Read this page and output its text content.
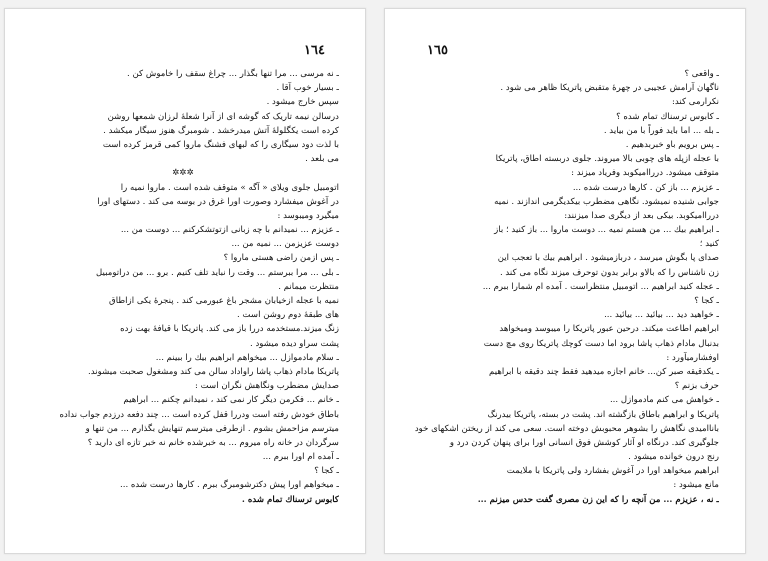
١٦٤
ـ نه مرسی ... مرا تنها بگذار ... چراغ سقف را خاموش کن .
ـ بسیار خوب آقا .
سپس خارج میشود .
درسالن نیمه تاریک که گوشه ای از آنرا شعلهٔ لرزان شمعها روشن
کرده است یکگلولهٔ آتش میدرخشد . شومبرگ هنوز سیگار میکشد .
با لذت دود سیگاری را که لبهای فشنگ ماروا کمی قرمز کرده است
می بلعد .
✲✲✲
اتومبیل جلوی ویلای « آگه » متوقف شده است . ماروا نمیه را
در آغوش میفشارد وصورت اورا غرق در بوسه می کند . دستهای اورا
میگیرد ومیبوسد :
ـ عزیزم ... نمیدانم با چه زبانی ازتوتشکرکنم ... دوست من ...
دوست عزیزمن ... نمیه من ...
ـ پس ازمن راضی هستی ماروا ؟
ـ بلی ... مرا ببرستم ... وقت را نباید تلف کنیم . برو ... من دراتومبیل
منتظرت میمانم .
نمیه با عجله ازخیابان مشجر باغ عبورمی کند . پنجرهٔ یکی ازاطاق
های طبقهٔ دوم روشن است .
زنگ میزند.مستخدمه دررا باز می کند. پاتریکا با قیافهٔ بهت زده
پشت سراو دیده میشود .
ـ سلام مادموازل ... میخواهم ابراهیم بیك را ببینم ...
پاتریکا مادام ذهاب پاشا راواداد سالن می کند ومشغول صحبت میشوند.
صدایش مضطرب ونگاهش نگران است :
ـ خانم ... فکرمن دیگر کار نمی کند ، نمیدانم چکنم ... ابراهیم
باطاق خودش رفته است ودررا قفل کرده است ... چند دفعه درزدم جواب نداده
میترسم مزاحمش بشوم . ازطرفی میترسم تنهایش بگذارم ... من تنها و
سرگردان در خانه راه میروم ... به خبرشده خانم نه خبر تازه ای دارید ؟
ـ آمده ام اورا ببرم ...
ـ کجا ؟
ـ میخواهم اورا پیش دکترشومبرگ ببرم . کارها درست شده ...
کابوس ترسناك تمام شده .
١٦٥
ـ واقعی ؟
ناگهان آرامش عجیبی در چهرهٔ متقبض پاتریکا ظاهر می شود .
نکرارمی کند:
ـ کابوس ترسناك تمام شده ؟
ـ بله ... اما باید فوراً با من بیاید .
ـ پس برویم باو خبربدهیم .
با عجله ازپله های چوبی بالا میروند. جلوی دربسته اطاق، پاتریکا
متوقف میشود. درراامیکوبد وفریاد میزند :
ـ عزیزم ... باز کن . کارها درست شده ...
جوابی شنیده نمیشود. نگاهی مضطرب بیکدیگرمی اندازند . نمیه
درراامیکوبد. بیکی بعد از دیگری صدا میزنند:
ـ ابراهیم بیك ... من هستم نمیه ... دوست ماروا ... باز کنید ؛ باز
کنید ؛
صدای پا بگوش میرسد ، دربازمیشود . ابراهیم بیك با تعجب این
زن ناشناس را که بالاو برابر بدون توحرف میزند نگاه می کند .
ـ عجله کنید ابراهیم ... اتومبیل منتظراست . آمده ام شمارا ببرم ...
ـ کجا ؟
ـ خواهید دید ... بیائید ... بیائید ...
ابراهیم اطاعت میکند. درحین عبور پاتریکا را میبوسد ومیخواهد
بدنبال مادام ذهاب پاشا برود اما دست کوچك پاتریکا روی مچ دست
اوفشارمیآورد :
ـ یکدقیقه صبر کن... خانم اجازه میدهید فقط چند دقیقه با ابراهیم
حرف بزنم ؟
ـ خواهش می کنم مادموازل ...
پاتریکا و ابراهیم باطاق بازگشته اند. پشت در بسته، پاتریکا بیدرنگ
باناامیدی نگاهش را بشوهر محبوبش دوخته است. سعی می کند از ریختن اشکهای خود
جلوگیری کند. درنگاه او آثار کوشش فوق انسانی اورا برای پنهان کردن درد و
رنج درون خوانده میشود .
ابراهیم میخواهد اورا در آغوش بفشارد ولی پاتریکا با ملایمت
مانع میشود :
ـ نه ، عزیزم ... من آنچه را که این زن مصری گفت حدس میزنم ...
